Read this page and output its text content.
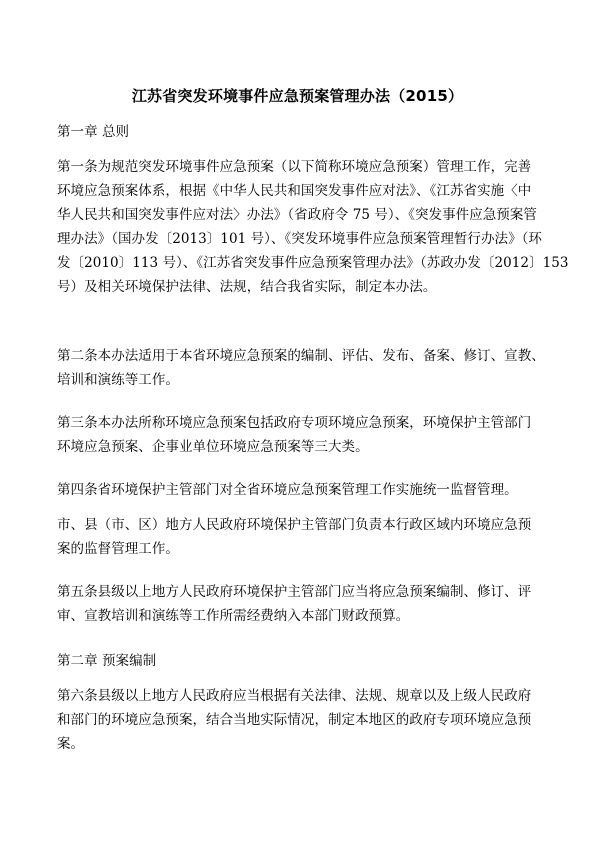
江苏省突发环境事件应急预案管理办法（2015）
第一章 总则
第一条为规范突发环境事件应急预案（以下简称环境应急预案）管理工作，完善
环境应急预案体系，根据《中华人民共和国突发事件应对法》、《江苏省实施〈中
华人民共和国突发事件应对法〉办法》（省政府令 75 号）、《突发事件应急预案管
理办法》（国办发〔2013〕101 号）、《突发环境事件应急预案管理暂行办法》（环
发〔2010〕113 号）、《江苏省突发事件应急预案管理办法》（苏政办发〔2012〕153
号）及相关环境保护法律、法规，结合我省实际，制定本办法。
第二条本办法适用于本省环境应急预案的编制、评估、发布、备案、修订、宣教、
培训和演练等工作。
第三条本办法所称环境应急预案包括政府专项环境应急预案，环境保护主管部门
环境应急预案、企事业单位环境应急预案等三大类。
第四条省环境保护主管部门对全省环境应急预案管理工作实施统一监督管理。
市、县（市、区）地方人民政府环境保护主管部门负责本行政区域内环境应急预
案的监督管理工作。
第五条县级以上地方人民政府环境保护主管部门应当将应急预案编制、修订、评
审、宣教培训和演练等工作所需经费纳入本部门财政预算。
第二章 预案编制
第六条县级以上地方人民政府应当根据有关法律、法规、规章以及上级人民政府
和部门的环境应急预案，结合当地实际情况，制定本地区的政府专项环境应急预
案。
